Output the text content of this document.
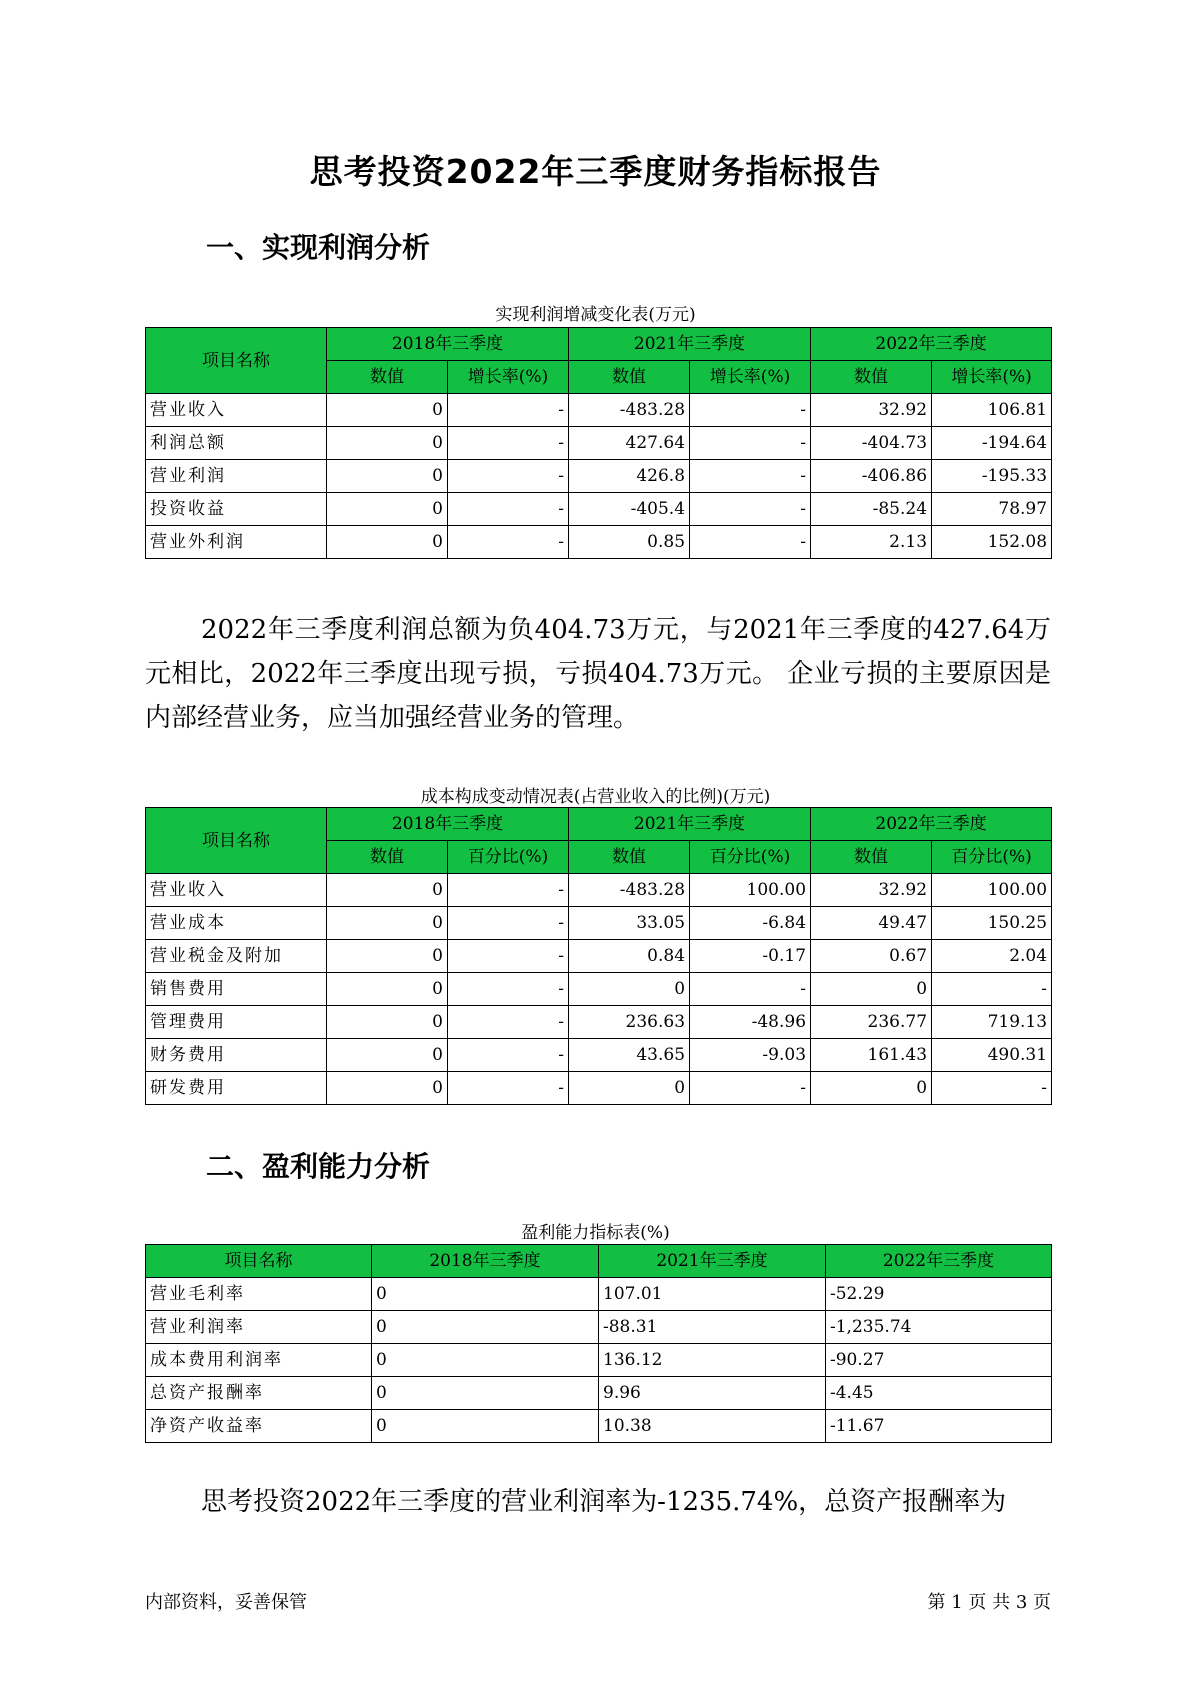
思考投资2022年三季度财务指标报告
一、实现利润分析
实现利润增减变化表(万元)
项目名称	2018年三季度		2021年三季度		2022年三季度	
	数值	增长率(%)	数值	增长率(%)	数值	增长率(%)
营业收入	0	-	-483.28	-	32.92	106.81
利润总额	0	-	427.64	-	-404.73	-194.64
营业利润	0	-	426.8	-	-406.86	-195.33
投资收益	0	-	-405.4	-	-85.24	78.97
营业外利润	0	-	0.85	-	2.13	152.08
2022年三季度利润总额为负404.73万元，与2021年三季度的427.64万元相比，2022年三季度出现亏损，亏损404.73万元。 企业亏损的主要原因是内部经营业务，应当加强经营业务的管理。
成本构成变动情况表(占营业收入的比例)(万元)
项目名称	2018年三季度		2021年三季度		2022年三季度	
	数值	百分比(%)	数值	百分比(%)	数值	百分比(%)
营业收入	0	-	-483.28	100.00	32.92	100.00
营业成本	0	-	33.05	-6.84	49.47	150.25
营业税金及附加	0	-	0.84	-0.17	0.67	2.04
销售费用	0	-	0	-	0	-
管理费用	0	-	236.63	-48.96	236.77	719.13
财务费用	0	-	43.65	-9.03	161.43	490.31
研发费用	0	-	0	-	0	-
二、盈利能力分析
盈利能力指标表(%)
项目名称	2018年三季度	2021年三季度	2022年三季度
营业毛利率	0	107.01	-52.29
营业利润率	0	-88.31	-1,235.74
成本费用利润率	0	136.12	-90.27
总资产报酬率	0	9.96	-4.45
净资产收益率	0	10.38	-11.67
思考投资2022年三季度的营业利润率为-1235.74%，总资产报酬率为
内部资料，妥善保管	第 1 页 共 3 页
